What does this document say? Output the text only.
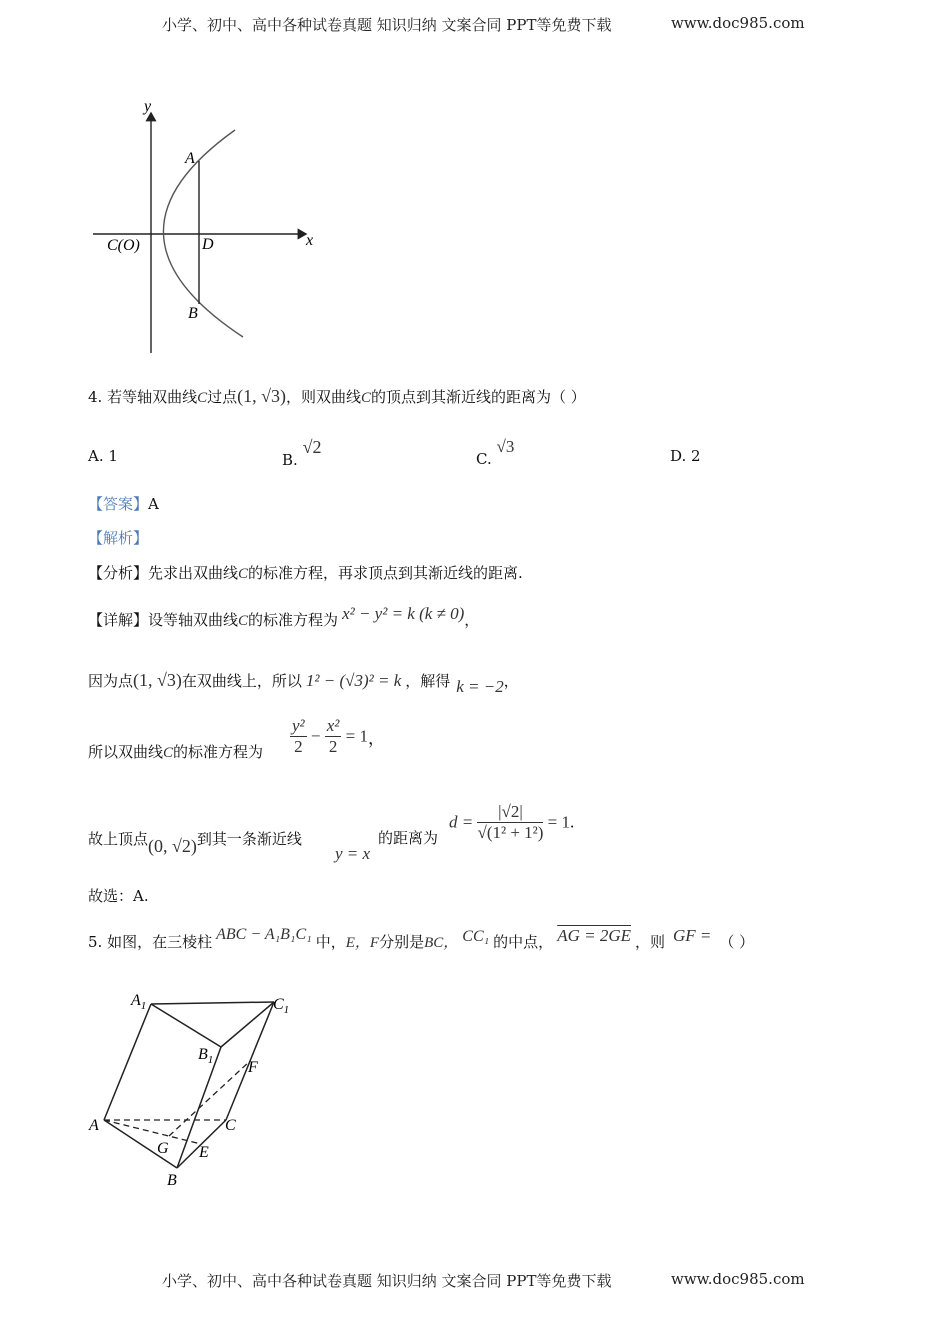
小学、初中、高中各种试卷真题 知识归纳 文案合同 PPT等免费下载	www.doc985.com
y
x
A
B
D
C(O)
4. 若等轴双曲线C过点(1, √3)，则双曲线C的顶点到其渐近线的距离为（ ）
A. 1	B. √2
C. √3	D. 2
【答案】A
【解析】
【分析】先求出双曲线C的标准方程，再求顶点到其渐近线的距离.
【详解】设等轴双曲线C的标准方程为 x² − y² = k (k ≠ 0)，
因为点(1, √3)在双曲线上，所以 1² − (√3)² = k ，解得 k = −2，
所以双曲线C的标准方程为 $\frac{\text{y²}}{2} - \frac{\text{x²}}{2} = 1$，
故上顶点(0, √2)到其一条渐近线
y = x
的距离为
$d = \frac{|√2|}{\text{√(1² + 1²)}} = 1$.
故选：A.
5. 如图，在三棱柱 ABC − A₁B₁C₁ 中，E，F分别是BC， CC₁ 的中点， AG = 2GE ，则 GF = （ ）
$A_1$	$C_1$
$B_1$ F
A	C
G E
B
小学、初中、高中各种试卷真题 知识归纳 文案合同 PPT等免费下载	www.doc985.com
